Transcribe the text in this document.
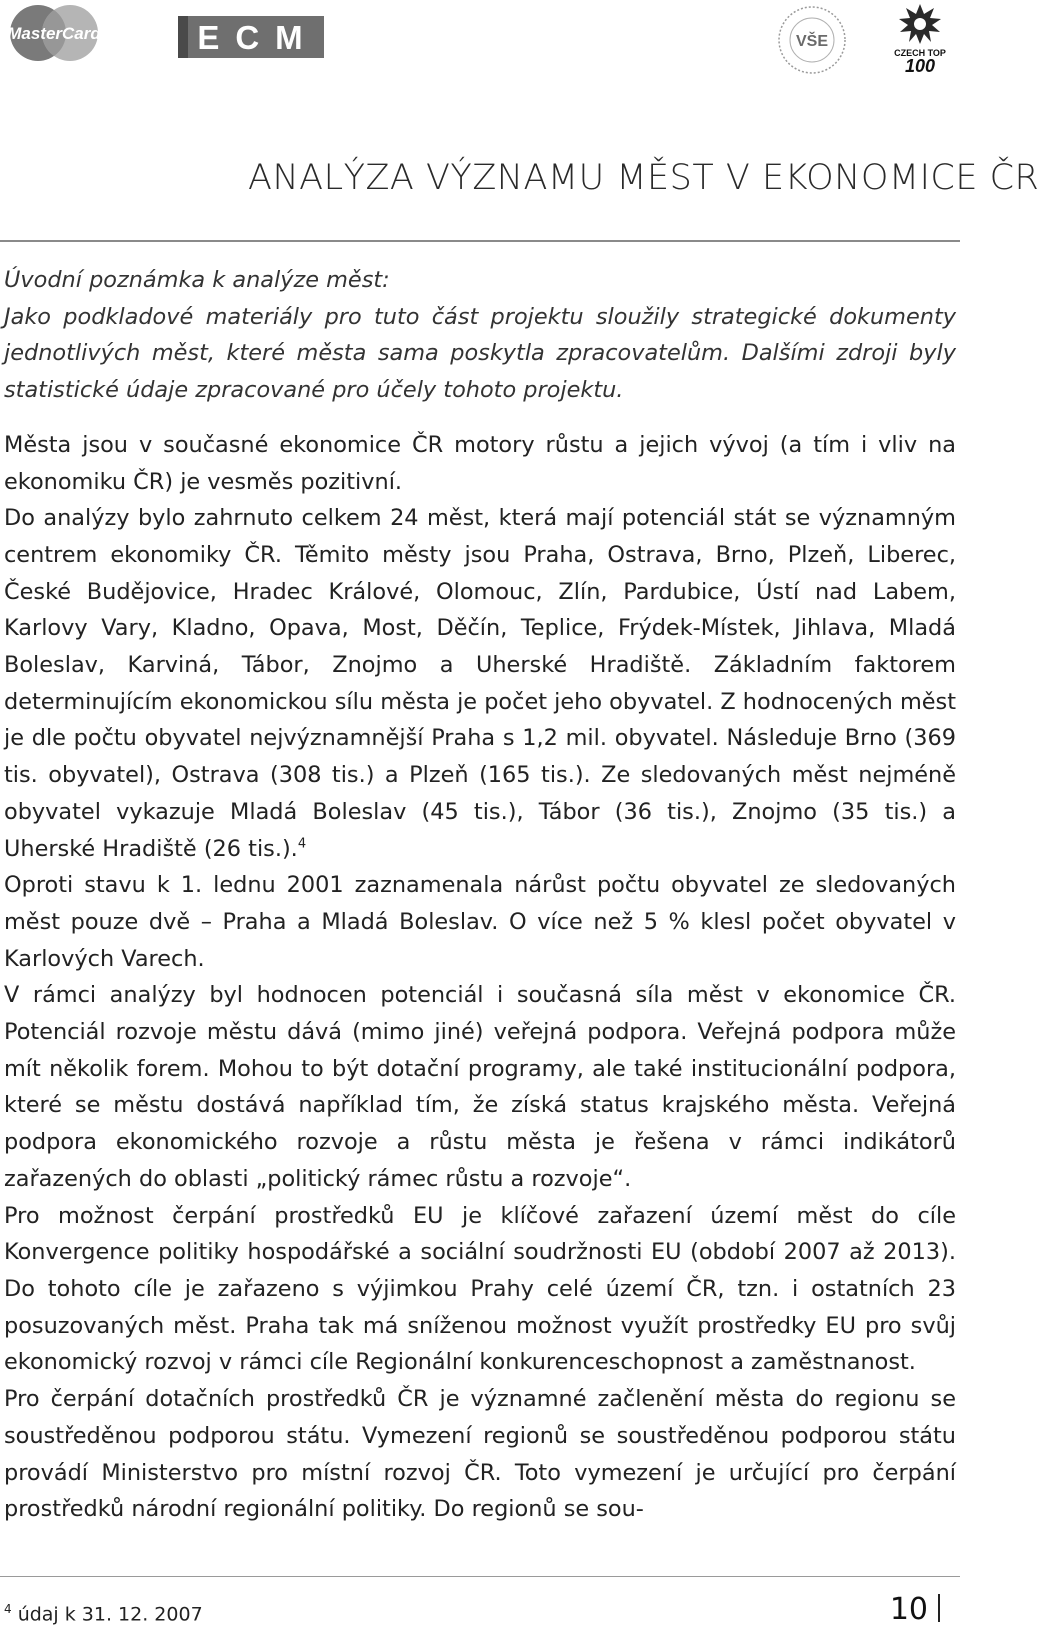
MasterCard	ECM	VŠE
CZECH TOP
100
ANALÝZA VÝZNAMU MĚST V EKONOMICE ČR

Úvodní poznámka k analýze měst:

Jako podkladové materiály pro tuto část projektu sloužily strategické dokumenty jednotlivých měst, které města sama poskytla zpracovatelům. Dalšími zdroji byly statistické údaje zpracované pro účely tohoto projektu.

Města jsou v současné ekonomice ČR motory růstu a jejich vývoj (a tím i vliv na ekonomiku ČR) je vesměs pozitivní.

Do analýzy bylo zahrnuto celkem 24 měst, která mají potenciál stát se významným centrem ekonomiky ČR. Těmito městy jsou Praha, Ostrava, Brno, Plzeň, Liberec, České Budějovice, Hradec Králové, Olomouc, Zlín, Pardubice, Ústí nad Labem, Karlovy Vary, Kladno, Opava, Most, Děčín, Teplice, Frýdek-Místek, Jihlava, Mladá Boleslav, Karviná, Tábor, Znojmo a Uherské Hradiště. Základním faktorem determinujícím ekonomickou sílu města je počet jeho obyvatel. Z hodnocených měst je dle počtu obyvatel nejvýznamnější Praha s 1,2 mil. obyvatel. Následuje Brno (369 tis. obyvatel), Ostrava (308 tis.) a Plzeň (165 tis.). Ze sledovaných měst nejméně obyvatel vykazuje Mladá Boleslav (45 tis.), Tábor (36 tis.), Znojmo (35 tis.) a Uherské Hradiště (26 tis.).$^4$

Oproti stavu k 1. lednu 2001 zaznamenala nárůst počtu obyvatel ze sledovaných měst pouze dvě – Praha a Mladá Boleslav. O více než 5 % klesl počet obyvatel v Karlových Varech.

V rámci analýzy byl hodnocen potenciál i současná síla měst v ekonomice ČR. Potenciál rozvoje městu dává (mimo jiné) veřejná podpora. Veřejná podpora může mít několik forem. Mohou to být dotační programy, ale také institucionální podpora, které se městu dostává například tím, že získá status krajského města. Veřejná podpora ekonomického rozvoje a růstu města je řešena v rámci indikátorů zařazených do oblasti „politický rámec růstu a rozvoje“.

Pro možnost čerpání prostředků EU je klíčové zařazení území měst do cíle Konvergence politiky hospodářské a sociální soudržnosti EU (období 2007 až 2013). Do tohoto cíle je zařazeno s výjimkou Prahy celé území ČR, tzn. i ostatních 23 posuzovaných měst. Praha tak má sníženou možnost využít prostředky EU pro svůj ekonomický rozvoj v rámci cíle Regionální konkurenceschopnost a zaměstnanost.

Pro čerpání dotačních prostředků ČR je významné začlenění města do regionu se soustředěnou podporou státu. Vymezení regionů se soustředěnou podporou státu provádí Ministerstvo pro místní rozvoj ČR. Toto vymezení je určující pro čerpání prostředků národní regionální politiky. Do regionů se sou-

$^4$ údaj k 31. 12. 2007	10
